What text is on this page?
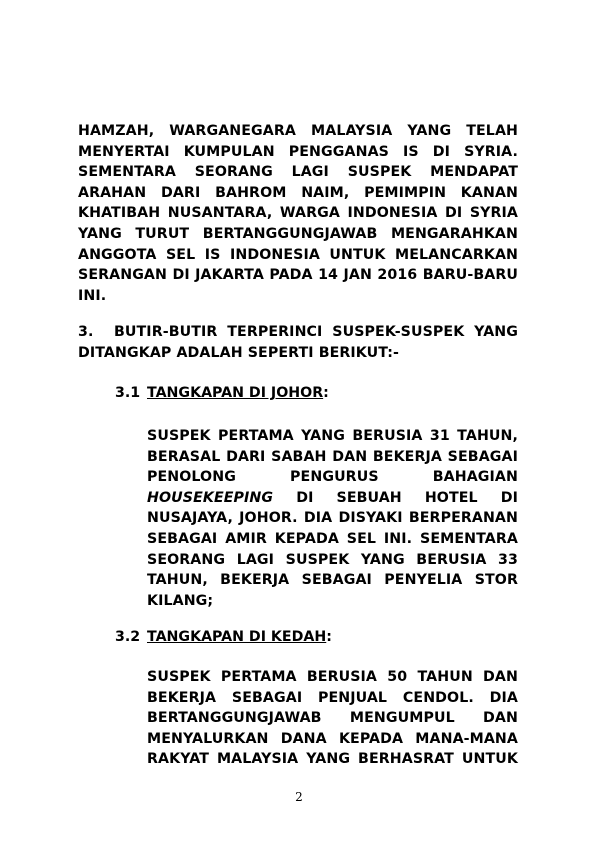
HAMZAH, WARGANEGARA MALAYSIA YANG TELAH
MENYERTAI KUMPULAN PENGGANAS IS DI SYRIA.
SEMENTARA SEORANG LAGI SUSPEK MENDAPAT
ARAHAN DARI BAHROM NAIM, PEMIMPIN KANAN
KHATIBAH NUSANTARA, WARGA INDONESIA DI SYRIA
YANG TURUT BERTANGGUNGJAWAB MENGARAHKAN
ANGGOTA SEL IS INDONESIA UNTUK MELANCARKAN
SERANGAN DI JAKARTA PADA 14 JAN 2016 BARU-BARU
INI.
3. BUTIR-BUTIR TERPERINCI SUSPEK-SUSPEK YANG
DITANGKAP ADALAH SEPERTI BERIKUT:-
3.1 TANGKAPAN DI JOHOR:
SUSPEK PERTAMA YANG BERUSIA 31 TAHUN,
BERASAL DARI SABAH DAN BEKERJA SEBAGAI
PENOLONG PENGURUS BAHAGIAN
HOUSEKEEPING DI SEBUAH HOTEL DI
NUSAJAYA, JOHOR. DIA DISYAKI BERPERANAN
SEBAGAI AMIR KEPADA SEL INI. SEMENTARA
SEORANG LAGI SUSPEK YANG BERUSIA 33
TAHUN, BEKERJA SEBAGAI PENYELIA STOR
KILANG;
3.2 TANGKAPAN DI KEDAH:
SUSPEK PERTAMA BERUSIA 50 TAHUN DAN
BEKERJA SEBAGAI PENJUAL CENDOL. DIA
BERTANGGUNGJAWAB MENGUMPUL DAN
MENYALURKAN DANA KEPADA MANA-MANA
RAKYAT MALAYSIA YANG BERHASRAT UNTUK
2
